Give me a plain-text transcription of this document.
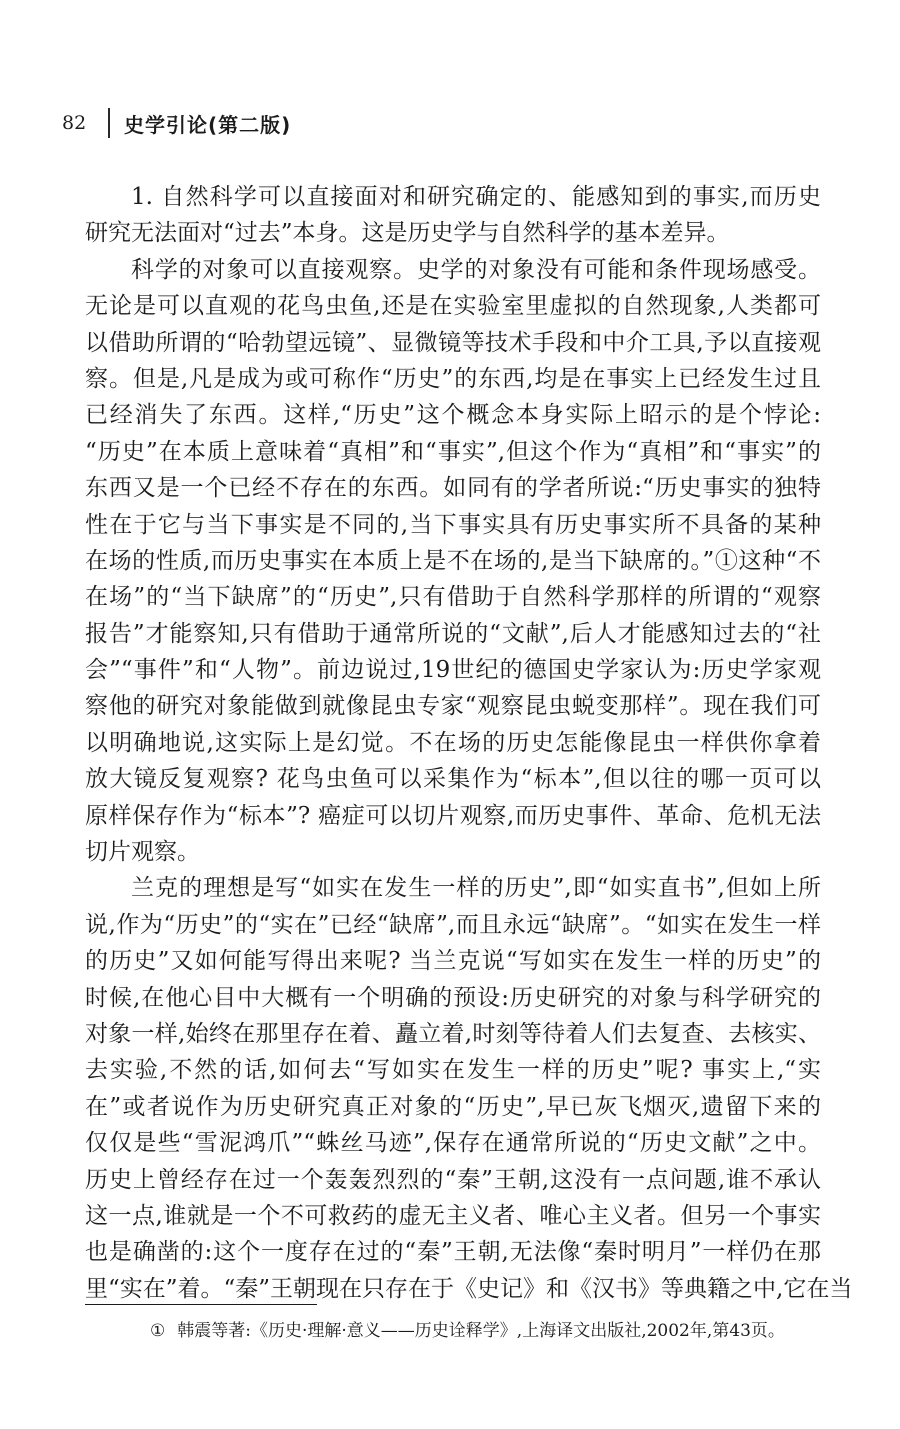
82	史学引论(第二版)
1. 自然科学可以直接面对和研究确定的、能感知到的事实,而历史
研究无法面对“过去”本身。这是历史学与自然科学的基本差异。
科学的对象可以直接观察。史学的对象没有可能和条件现场感受。
无论是可以直观的花鸟虫鱼,还是在实验室里虚拟的自然现象,人类都可
以借助所谓的“哈勃望远镜”、显微镜等技术手段和中介工具,予以直接观
察。但是,凡是成为或可称作“历史”的东西,均是在事实上已经发生过且
已经消失了东西。这样,“历史”这个概念本身实际上昭示的是个悖论:
“历史”在本质上意味着“真相”和“事实”,但这个作为“真相”和“事实”的
东西又是一个已经不存在的东西。如同有的学者所说:“历史事实的独特
性在于它与当下事实是不同的,当下事实具有历史事实所不具备的某种
在场的性质,而历史事实在本质上是不在场的,是当下缺席的。”①这种“不
在场”的“当下缺席”的“历史”,只有借助于自然科学那样的所谓的“观察
报告”才能察知,只有借助于通常所说的“文献”,后人才能感知过去的“社
会”“事件”和“人物”。前边说过,19世纪的德国史学家认为:历史学家观
察他的研究对象能做到就像昆虫专家“观察昆虫蜕变那样”。现在我们可
以明确地说,这实际上是幻觉。不在场的历史怎能像昆虫一样供你拿着
放大镜反复观察? 花鸟虫鱼可以采集作为“标本”,但以往的哪一页可以
原样保存作为“标本”? 癌症可以切片观察,而历史事件、革命、危机无法
切片观察。
兰克的理想是写“如实在发生一样的历史”,即“如实直书”,但如上所
说,作为“历史”的“实在”已经“缺席”,而且永远“缺席”。“如实在发生一样
的历史”又如何能写得出来呢? 当兰克说“写如实在发生一样的历史”的
时候,在他心目中大概有一个明确的预设:历史研究的对象与科学研究的
对象一样,始终在那里存在着、矗立着,时刻等待着人们去复查、去核实、
去实验,不然的话,如何去“写如实在发生一样的历史”呢? 事实上,“实
在”或者说作为历史研究真正对象的“历史”,早已灰飞烟灭,遗留下来的
仅仅是些“雪泥鸿爪”“蛛丝马迹”,保存在通常所说的“历史文献”之中。
历史上曾经存在过一个轰轰烈烈的“秦”王朝,这没有一点问题,谁不承认
这一点,谁就是一个不可救药的虚无主义者、唯心主义者。但另一个事实
也是确凿的:这个一度存在过的“秦”王朝,无法像“秦时明月”一样仍在那
里“实在”着。“秦”王朝现在只存在于《史记》和《汉书》等典籍之中,它在当
① 韩震等著:《历史·理解·意义——历史诠释学》,上海译文出版社,2002年,第43页。
